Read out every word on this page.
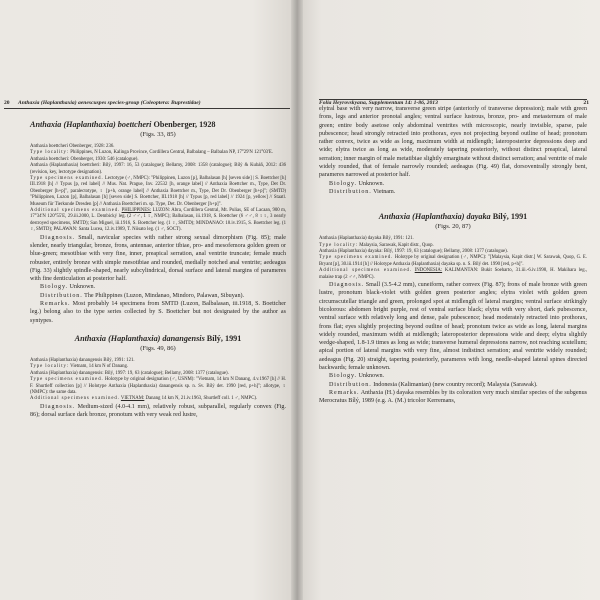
20 Anthaxia (Haplanthaxia) aenescuspes species-group (Coleoptera: Buprestidae)
Anthaxia (Haplanthaxia) boettcheri Obenberger, 1928
(Figs. 33, 85)
Anthaxia boettcheri Obenberger, 1928: 236.
Type locality: Philippines, N Luzon, Kalinga Province, Cordillera Central, Balbalang – Balbalan NP, 17°29'N 121°03'E.
Anthaxia boettcheri: Obenberger, 1930: 546 (catalogue).
Anthaxia (Haplanthaxia) boettcheri: Bílý, 1997: 16, 53 (catalogue); Bellamy, 2008: 1358 (catalogue); Bílý & Kubáň, 2012: 436 (revision, key, lectotype designation).
Type specimens examined. Lectotype (♂, NMPC): "Philippinen, Luzon [p], Balbalasan [h] [seven side] | S. Boettcher [h] III.1918 [h] // Typus [p, red label] // Mus. Nat. Prague, Inv. 22532 [h, orange label] // Anthaxia Boettcher m., Type, Det Dr. Obenberger [h+p]", paralectotype, ♀ [p+h, orange label] // Anthaxia Boettcher m., Type, Det Dr. Obenberger [h+p]"; (SMTD) "Philippinen, Luzon [p], Balbalasan [h] [seven side] S. Boettcher, III.1918 [h] // Typus [p, red label] // 1924 [p, yellow] // Staatl. Museum für Tierkunde Dresden [p] // Anthaxia Boettcheri m. sp. Type, Det. Dr. Obenberger [h+p]".
Additional specimens examined. PHILIPPINES: LUZON: Abra, Cordillera Central, Mt. Pulias, SE of Lacaan, 900 m, 17°34'N 120°55'E, 29.iii.2000, L. Dembický leg. (2 ♂♂, 1 ♀, NMPC); Balbalasan, iii.1918, S. Boettcher (6 ♂♂, 8 ♀♀, 3 nearly destroyed specimens, SMTD); San Miguel, iii.1916, S. Boettcher leg. (1 ♀, SMTD); MINDANAO: 18.iv.1915, S. Boettcher leg. (1 ♀, SMTD); PALAWAN: Santa Lucea, 12.iv.1989, T. Niisato leg. (1 ♂, SOCT).

Diagnosis. Small, navicular species with rather strong sexual dimorphism (Fig. 85); male slender, nearly triangular, bronze, frons, antennae, anterior tibiae, pro- and mesofemora golden green or blue-green; mesotibiae with very fine, inner, preapical serration, anal ventrite truncate; female much robuster, entirely bronze with simple mesotibiae and rounded, medially notched anal ventrite; aedeagus (Fig. 33) slightly spindle-shaped, nearly subcylindrical, dorsal surface and lateral margins of parameres with fine denticulation at posterior half.

Biology. Unknown.

Distribution. The Philippines (Luzon, Mindanao, Mindoro, Palawan, Sibuyan).

Remarks. Most probably 14 specimens from SMTD (Luzon, Balbalasan, iii.1918, S. Boettcher leg.) belong also to the type series collected by S. Boettcher but not designated by the author as syntypes.

Anthaxia (Haplanthaxia) danangensis Bílý, 1991
(Figs. 49, 86)
Anthaxia (Haplanthaxia) danangensis Bílý, 1991: 121.
Type locality: Vietnam, 14 km N of Danang.
Anthaxia (Haplanthaxia) danangensis: Bílý, 1997: 19, 63 (catalogue); Bellamy, 2008: 1377 (catalogue).
Type specimens examined. Holotype by original designation (♂, USNM): "Vietnam, 14 km N Danang, 4.v.1967 [h] // H. F. Shurtleff collection [p] // Holotype Anthaxia (Haplanthaxia) danangensis sp. n. Sv. Bílý det. 1990 [red, p+h]"; allotype, ♀ (NMPC): the same data.
Additional specimens examined. VIETNAM: Danang 14 km N, 21.iv.1963, Shurtleff coll. 1 ♂, NMPC).

Diagnosis. Medium-sized (4.0-4.1 mm), relatively robust, subparallel, regularly convex (Fig. 86); dorsal surface dark bronze, pronotum with very weak red lustre,

Folia Heyrovskyana, Supplementum 14: 1-86, 2013	21

elytral base with very narrow, transverse green stripe (anteriorly of transverse depression); male with green frons, legs and anterior pronotal angles; ventral surface lustrous, bronze, pro- and metasternum of male green; entire body asetose only abdominal ventrites with microscopic, nearly invisible, sparse, pale pubescence; head strongly retracted into prothorax, eyes not projecting beyond outline of head; pronotum rather convex, twice as wide as long, maximum width at midlength; lateroposterior depressions deep and wide; elytra twice as long as wide, moderately tapering posteriorly, without distinct preapical, lateral serration; inner margin of male metatibiae slightly emarginate without distinct serration; anal ventrite of male widely rounded, that of female narrowly rounded; aedeagus (Fig. 49) flat, dorsoventrally strongly bent, parameres narrowed at posterior half.

Biology. Unknown.

Distribution. Vietnam.

Anthaxia (Haplanthaxia) dayaka Bílý, 1991
(Figs. 20, 87)
Anthaxia (Haplanthaxia) dayaka Bílý, 1991: 121.
Type locality: Malaysia, Sarawak, Kapit distr., Quop.
Anthaxia (Haplanthaxia) dayaka: Bílý, 1997: 19, 63 (catalogue); Bellamy, 2008: 1377 (catalogue).
Type specimens examined. Holotype by original designation (♂, NMPC): "[Malaysia, Kapit distr.] W. Sarawak, Quop, G. E. Bryant [p], 30.iii.1914 [h] // Holotype Anthaxia (Haplanthaxia) dayaka sp. n. S. Bílý det. 1990 [red, p+h]".
Additional specimens examined. INDONESIA: KALIMANTAN: Bukit Soeharto, 31.iii.-6.iv.1998, H. Makihara leg., malaise trap (2 ♂♂, NMPC).

Diagnosis. Small (3.5-4.2 mm), cuneiform, rather convex (Fig. 87); frons of male bronze with green lustre, pronotum black-violet with golden green posterior angles; elytra violet with golden green circumscutellar triangle and green, prolonged spot at midlength of lateral margins; ventral surface strikingly bicolorous: abdomen bright purple, rest of ventral surface black; elytra with very short, dark pubescence, ventral surface with relatively long and dense, pale pubescence; head moderately retracted into prothorax, frons flat; eyes slightly projecting beyond outline of head; pronotum twice as wide as long, lateral margins widely rounded, maximum width at midlength; lateroposterior depressions wide and deep; elytra slightly wedge-shaped, 1.8-1.9 times as long as wide; transverse humeral depressions narrow, not reaching scutellum; apical portion of lateral margins with very fine, almost indistinct serration; anal ventrite widely rounded; aedeagus (Fig. 20) straight, tapering posteriorly, parameres with long, needle-shaped lateral spines directed backwards; female unknown.

Biology. Unknown.

Distribution. Indonesia (Kalimantan) (new country record); Malaysia (Sarawak).

Remarks. Anthaxia (H.) dayaka resembles by its coloration very much similar species of the subgenus Merocratus Bílý, 1989 (e.g. A. (M.) tricolor Kerremans,
